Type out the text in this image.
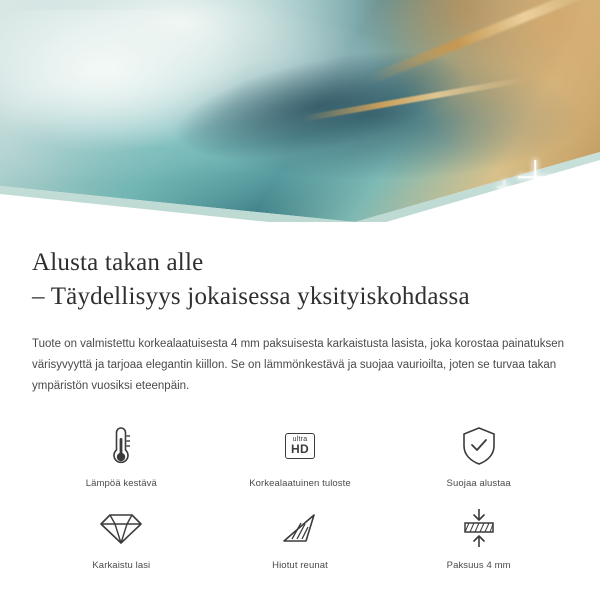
Alusta takan alle
– Täydellisyys jokaisessa yksityiskohdassa

Tuote on valmistettu korkealaatuisesta 4 mm paksuisesta karkaistusta lasista, joka korostaa painatuksen värisyvyyttä ja tarjoaa elegantin kiillon. Se on lämmönkestävä ja suojaa vaurioilta, joten se turvaa takan ympäristön vuosiksi eteenpäin.

Lämpöä kestävä
ultra
HD
Korkealaatuinen tuloste	Suojaa alustaa
Karkaistu lasi	Hiotut reunat	Paksuus 4 mm
